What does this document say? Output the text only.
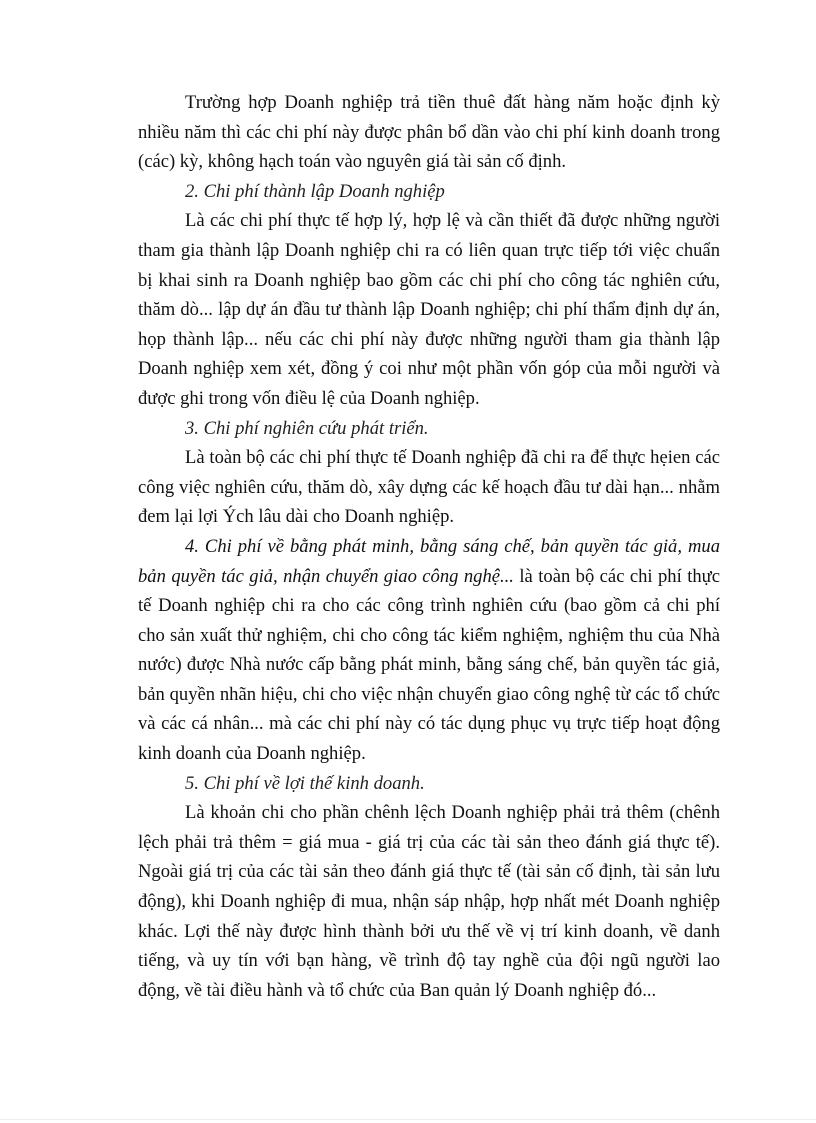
Trường hợp Doanh nghiệp trả tiền thuê đất hàng năm hoặc định kỳ nhiều năm thì các chi phí này được phân bổ dần vào chi phí kinh doanh trong (các) kỳ, không hạch toán vào nguyên giá tài sản cố định.

2. Chi phí thành lập Doanh nghiệp

Là các chi phí thực tế hợp lý, hợp lệ và cần thiết đã được những người tham gia thành lập Doanh nghiệp chi ra có liên quan trực tiếp tới việc chuẩn bị khai sinh ra Doanh nghiệp bao gồm các chi phí cho công tác nghiên cứu, thăm dò... lập dự án đầu tư thành lập Doanh nghiệp; chi phí thẩm định dự án, họp thành lập... nếu các chi phí này được những người tham gia thành lập Doanh nghiệp xem xét, đồng ý coi như một phần vốn góp của mỗi người và được ghi trong vốn điều lệ của Doanh nghiệp.

3. Chi phí nghiên cứu phát triển.

Là toàn bộ các chi phí thực tế Doanh nghiệp đã chi ra để thực hẹien các công việc nghiên cứu, thăm dò, xây dựng các kế hoạch đầu tư dài hạn... nhằm đem lại lợi Ých lâu dài cho Doanh nghiệp.

4. Chi phí về bằng phát minh, bằng sáng chế, bản quyền tác giả, mua bản quyền tác giả, nhận chuyển giao công nghệ... là toàn bộ các chi phí thực tế Doanh nghiệp chi ra cho các công trình nghiên cứu (bao gồm cả chi phí cho sản xuất thử nghiệm, chi cho công tác kiểm nghiệm, nghiệm thu của Nhà nước) được Nhà nước cấp bằng phát minh, bằng sáng chế, bản quyền tác giả, bản quyền nhãn hiệu, chi cho việc nhận chuyển giao công nghệ từ các tổ chức và các cá nhân... mà các chi phí này có tác dụng phục vụ trực tiếp hoạt động kinh doanh của Doanh nghiệp.

5. Chi phí về lợi thế kinh doanh.

Là khoản chi cho phần chênh lệch Doanh nghiệp phải trả thêm (chênh lệch phải trả thêm = giá mua - giá trị của các tài sản theo đánh giá thực tế). Ngoài giá trị của các tài sản theo đánh giá thực tế (tài sản cố định, tài sản lưu động), khi Doanh nghiệp đi mua, nhận sáp nhập, hợp nhất mét Doanh nghiệp khác. Lợi thế này được hình thành bởi ưu thế về vị trí kinh doanh, về danh tiếng, và uy tín với bạn hàng, về trình độ tay nghề của đội ngũ người lao động, về tài điều hành và tổ chức của Ban quản lý Doanh nghiệp đó...
